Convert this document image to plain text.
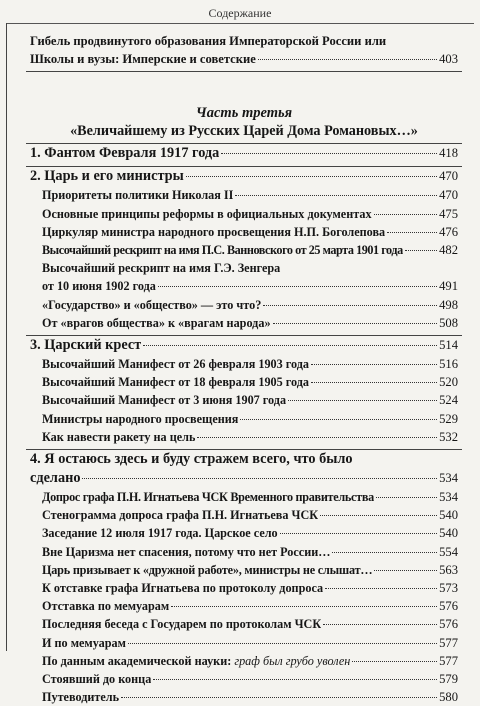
Содержание
Гибель продвинутого образования Императорской России или
Школы и вузы: Имперские и советские	403
Часть третья
«Величайшему из Русских Царей Дома Романовых…»
1. Фантом Февраля 1917 года	418
2. Царь и его министры	470
Приоритеты политики Николая II	470
Основные принципы реформы в официальных документах	475
Циркуляр министра народного просвещения Н.П. Боголепова	476
Высочайший рескрипт на имя П.С. Ванновского от 25 марта 1901 года	482
Высочайший рескрипт на имя Г.Э. Зенгера
от 10 июня 1902 года	491
«Государство» и «общество» — это что?	498
От «врагов общества» к «врагам народа»	508
3. Царский крест	514
Высочайший Манифест от 26 февраля 1903 года	516
Высочайший Манифест от 18 февраля 1905 года	520
Высочайший Манифест от 3 июня 1907 года	524
Министры народного просвещения	529
Как навести ракету на цель	532
4. Я остаюсь здесь и буду стражем всего, что было
сделано	534
Допрос графа П.Н. Игнатьева ЧСК Временного правительства	534
Стенограмма допроса графа П.Н. Игнатьева ЧСК	540
Заседание 12 июля 1917 года. Царское село	540
Вне Царизма нет спасения, потому что нет России…	554
Царь призывает к «дружной работе», министры не слышат…	563
К отставке графа Игнатьева по протоколу допроса	573
Отставка по мемуарам	576
Последняя беседа с Государем по протоколам ЧСК	576
И по мемуарам	577
По данным академической науки: граф был грубо уволен	577
Стоявший до конца	579
Путеводитель	580
